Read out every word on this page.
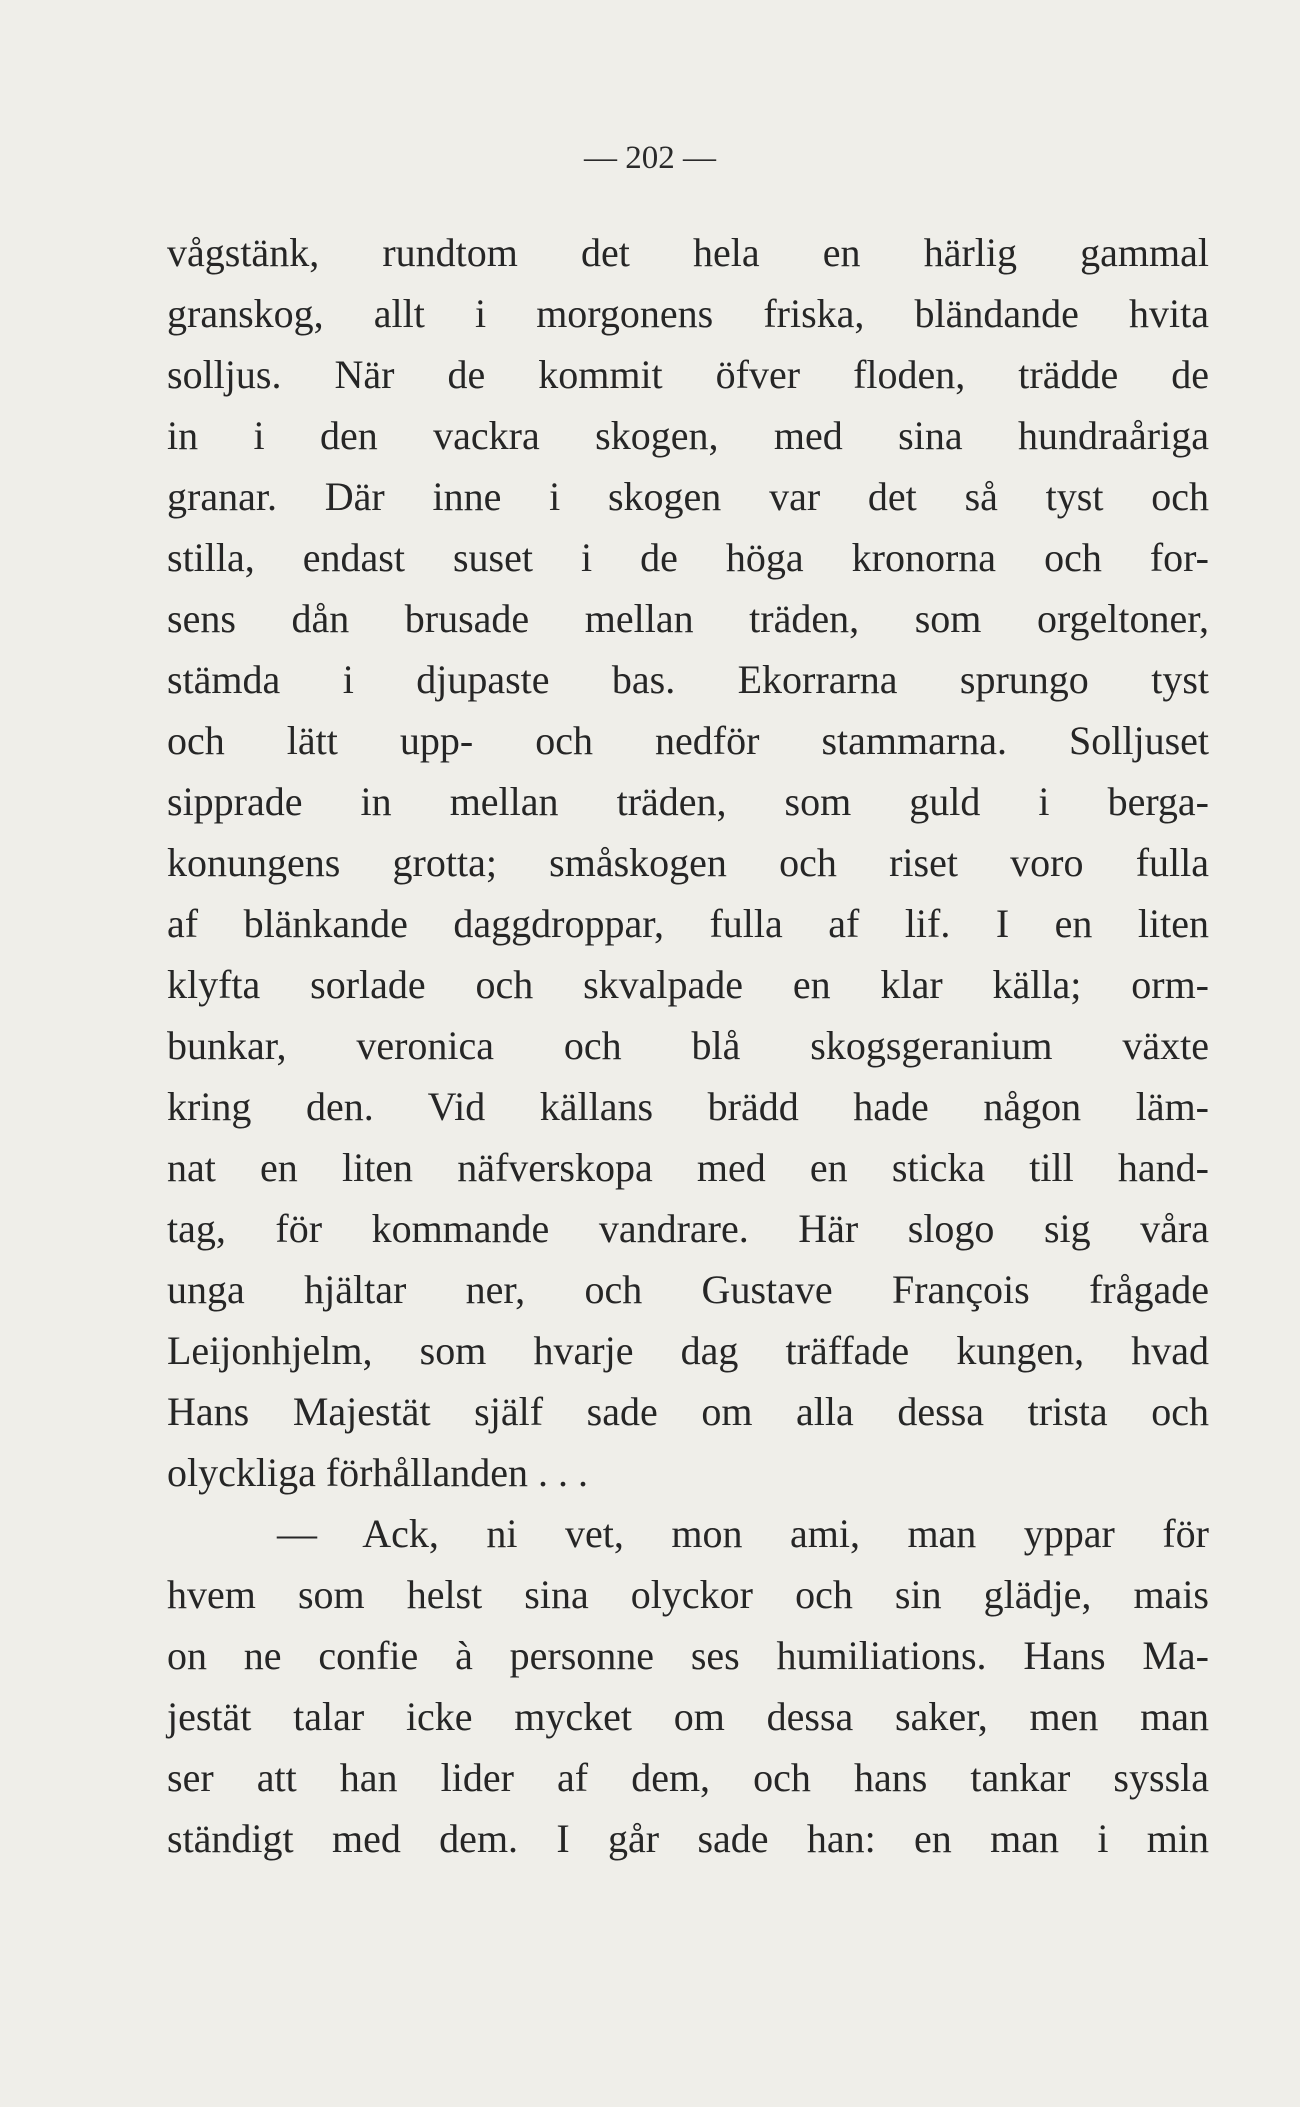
— 202 —
vågstänk, rundtom det hela en härlig gammal
granskog, allt i morgonens friska, bländande hvita
solljus. När de kommit öfver floden, trädde de
in i den vackra skogen, med sina hundraåriga
granar. Där inne i skogen var det så tyst och
stilla, endast suset i de höga kronorna och for-
sens dån brusade mellan träden, som orgeltoner,
stämda i djupaste bas. Ekorrarna sprungo tyst
och lätt upp- och nedför stammarna. Solljuset
sipprade in mellan träden, som guld i berga-
konungens grotta; småskogen och riset voro fulla
af blänkande daggdroppar, fulla af lif. I en liten
klyfta sorlade och skvalpade en klar källa; orm-
bunkar, veronica och blå skogsgeranium växte
kring den. Vid källans brädd hade någon läm-
nat en liten näfverskopa med en sticka till hand-
tag, för kommande vandrare. Här slogo sig våra
unga hjältar ner, och Gustave François frågade
Leijonhjelm, som hvarje dag träffade kungen, hvad
Hans Majestät själf sade om alla dessa trista och
olyckliga förhållanden . . .
— Ack, ni vet, mon ami, man yppar för
hvem som helst sina olyckor och sin glädje, mais
on ne confie à personne ses humiliations. Hans Ma-
jestät talar icke mycket om dessa saker, men man
ser att han lider af dem, och hans tankar syssla
ständigt med dem. I går sade han: en man i min
